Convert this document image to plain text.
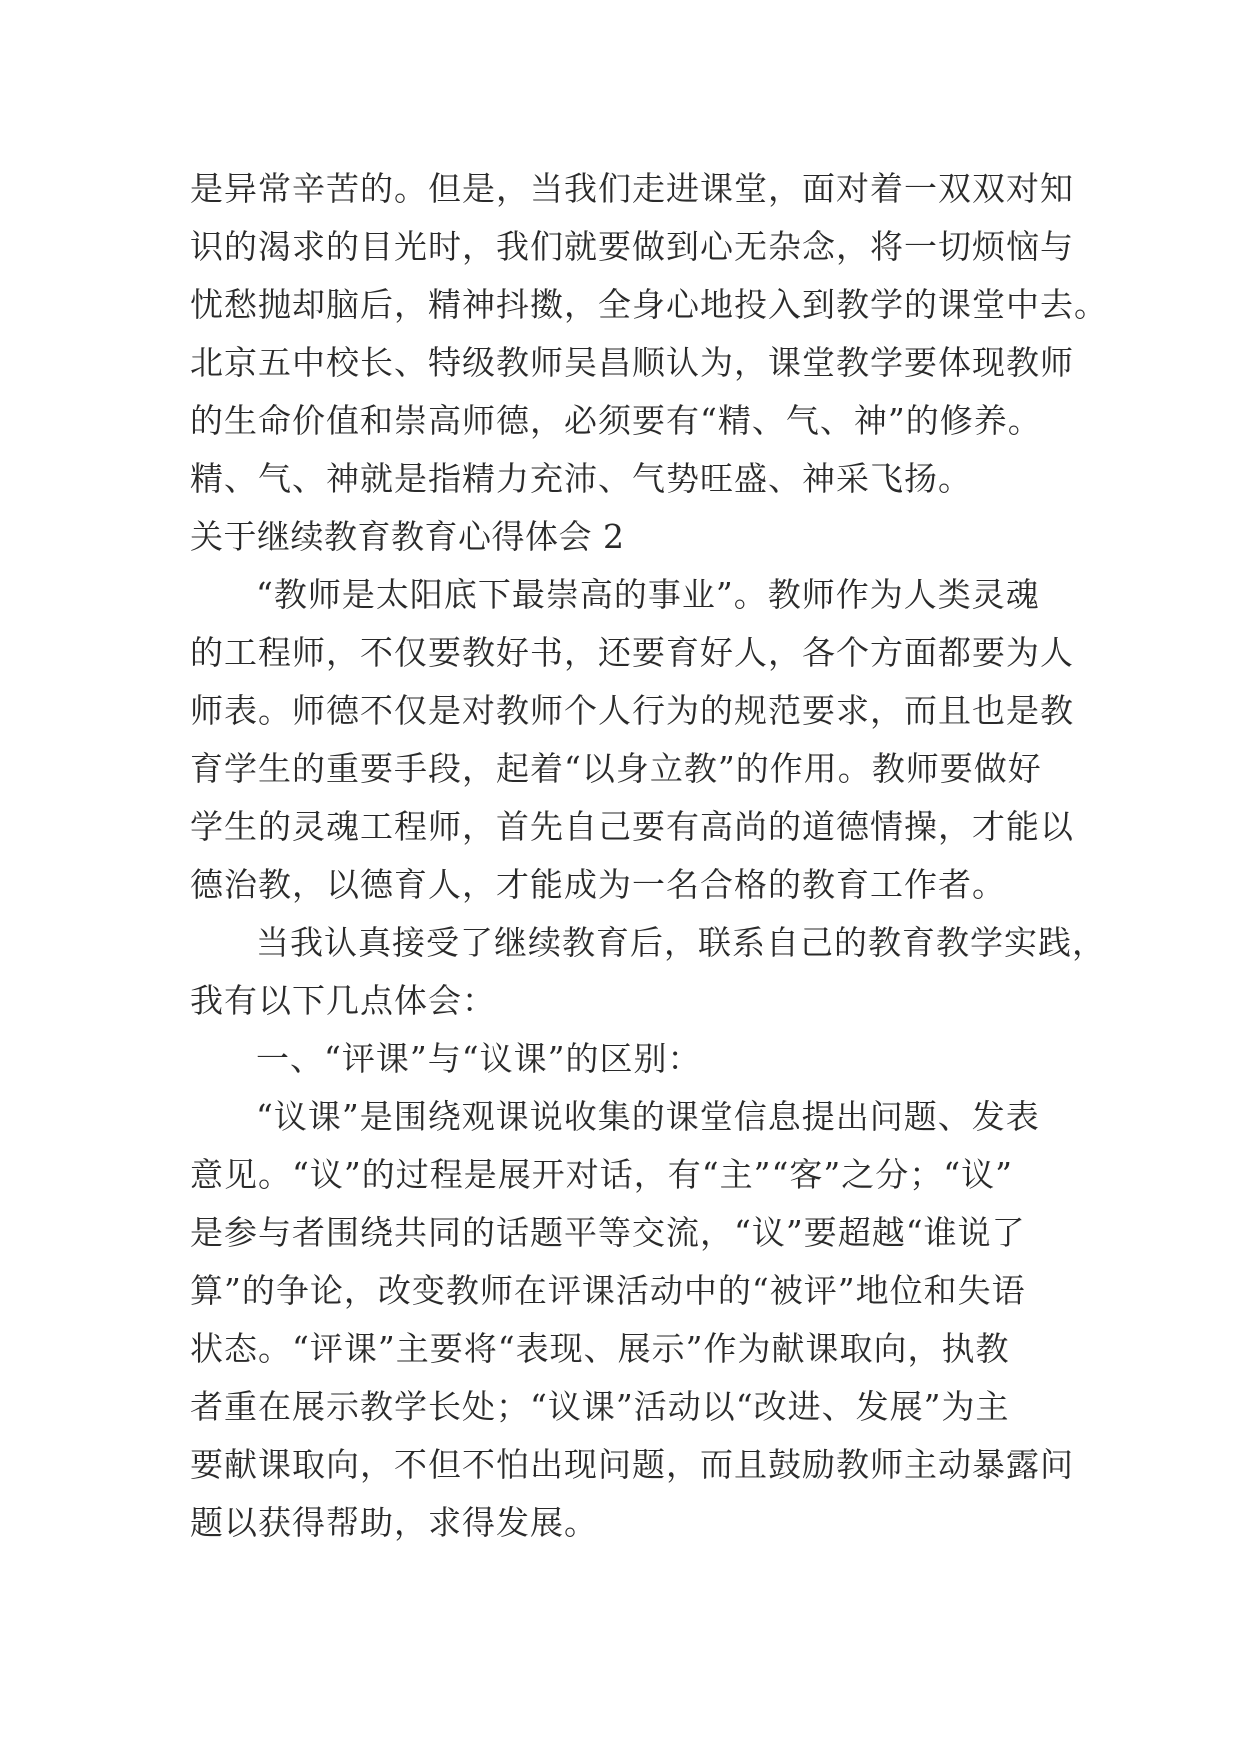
是异常辛苦的。但是，当我们走进课堂，面对着一双双对知
识的渴求的目光时，我们就要做到心无杂念，将一切烦恼与
忧愁抛却脑后，精神抖擞，全身心地投入到教学的课堂中去。
北京五中校长、特级教师吴昌顺认为，课堂教学要体现教师
的生命价值和崇高师德，必须要有“精、气、神”的修养。
精、气、神就是指精力充沛、气势旺盛、神采飞扬。
关于继续教育教育心得体会 2
“教师是太阳底下最崇高的事业”。教师作为人类灵魂
的工程师，不仅要教好书，还要育好人，各个方面都要为人
师表。师德不仅是对教师个人行为的规范要求，而且也是教
育学生的重要手段，起着“以身立教”的作用。教师要做好
学生的灵魂工程师，首先自己要有高尚的道德情操，才能以
德治教，以德育人，才能成为一名合格的教育工作者。
当我认真接受了继续教育后，联系自己的教育教学实践，
我有以下几点体会：
一、“评课”与“议课”的区别：
“议课”是围绕观课说收集的课堂信息提出问题、发表
意见。“议”的过程是展开对话，有“主”“客”之分；“议”
是参与者围绕共同的话题平等交流，“议”要超越“谁说了
算”的争论，改变教师在评课活动中的“被评”地位和失语
状态。“评课”主要将“表现、展示”作为献课取向，执教
者重在展示教学长处；“议课”活动以“改进、发展”为主
要献课取向，不但不怕出现问题，而且鼓励教师主动暴露问
题以获得帮助，求得发展。
